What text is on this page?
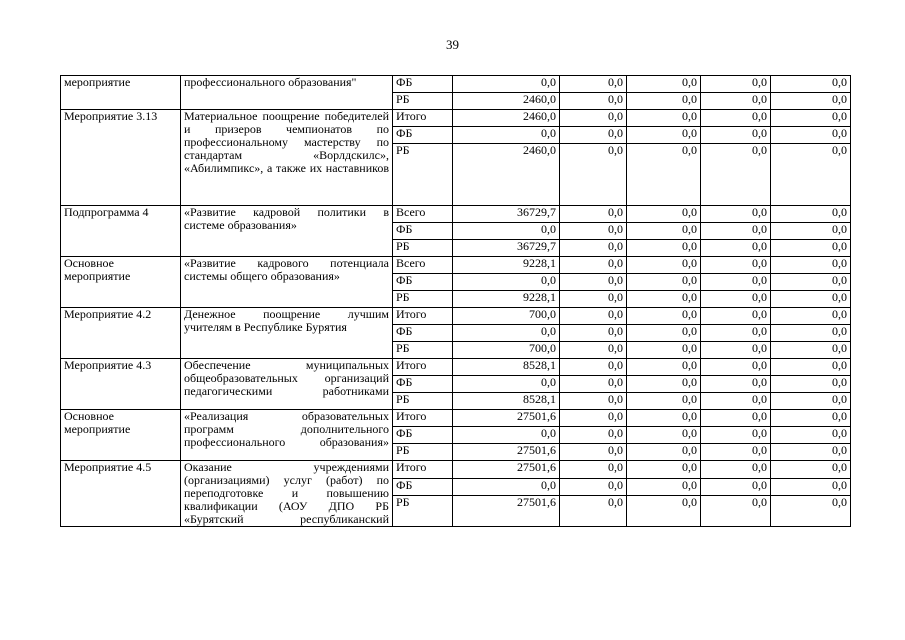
39
мероприятие	профессионального образования"	ФБ	0,0	0,0	0,0	0,0	0,0
		РБ	2460,0	0,0	0,0	0,0	0,0
Мероприятие 3.13	Материальное поощрение победителей и призеров чемпионатов по профессиональному мастерству по стандартам «Ворлдскилс», «Абилимпикс», а также их наставников	Итого	2460,0	0,0	0,0	0,0	0,0
		ФБ	0,0	0,0	0,0	0,0	0,0
		РБ	2460,0	0,0	0,0	0,0	0,0
Подпрограмма 4	«Развитие кадровой политики в системе образования»	Всего	36729,7	0,0	0,0	0,0	0,0
		ФБ	0,0	0,0	0,0	0,0	0,0
		РБ	36729,7	0,0	0,0	0,0	0,0
Основное мероприятие	«Развитие кадрового потенциала системы общего образования»	Всего	9228,1	0,0	0,0	0,0	0,0
		ФБ	0,0	0,0	0,0	0,0	0,0
		РБ	9228,1	0,0	0,0	0,0	0,0
Мероприятие 4.2	Денежное поощрение лучшим учителям в Республике Бурятия	Итого	700,0	0,0	0,0	0,0	0,0
		ФБ	0,0	0,0	0,0	0,0	0,0
		РБ	700,0	0,0	0,0	0,0	0,0
Мероприятие 4.3	Обеспечение муниципальных общеобразовательных организаций педагогическими работниками	Итого	8528,1	0,0	0,0	0,0	0,0
		ФБ	0,0	0,0	0,0	0,0	0,0
		РБ	8528,1	0,0	0,0	0,0	0,0
Основное мероприятие	«Реализация образовательных программ дополнительного профессионального образования»	Итого	27501,6	0,0	0,0	0,0	0,0
		ФБ	0,0	0,0	0,0	0,0	0,0
		РБ	27501,6	0,0	0,0	0,0	0,0
Мероприятие 4.5	Оказание учреждениями (организациями) услуг (работ) по переподготовке и повышению квалификации (АОУ ДПО РБ «Бурятский республиканский	Итого	27501,6	0,0	0,0	0,0	0,0
		ФБ	0,0	0,0	0,0	0,0	0,0
		РБ	27501,6	0,0	0,0	0,0	0,0
